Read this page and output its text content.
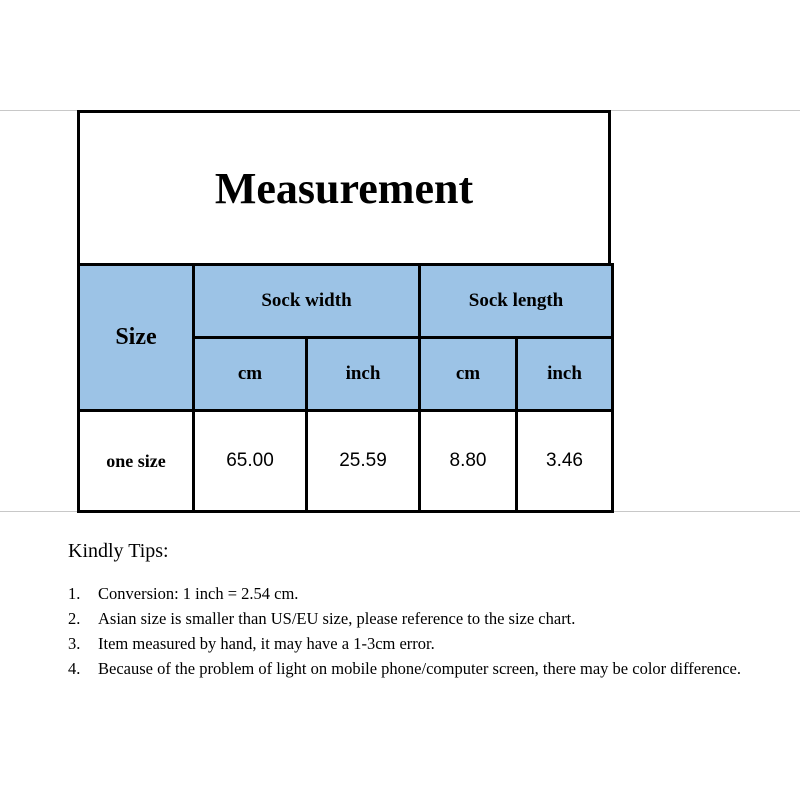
Measurement
Size	Sock width		Sock length	
	cm	inch	cm	inch
one size	65.00	25.59	8.80	3.46
Kindly Tips:
1. Conversion: 1 inch = 2.54 cm.
2. Asian size is smaller than US/EU size, please reference to the size chart.
3. Item measured by hand, it may have a 1-3cm error.
4. Because of the problem of light on mobile phone/computer screen, there may be color difference.
